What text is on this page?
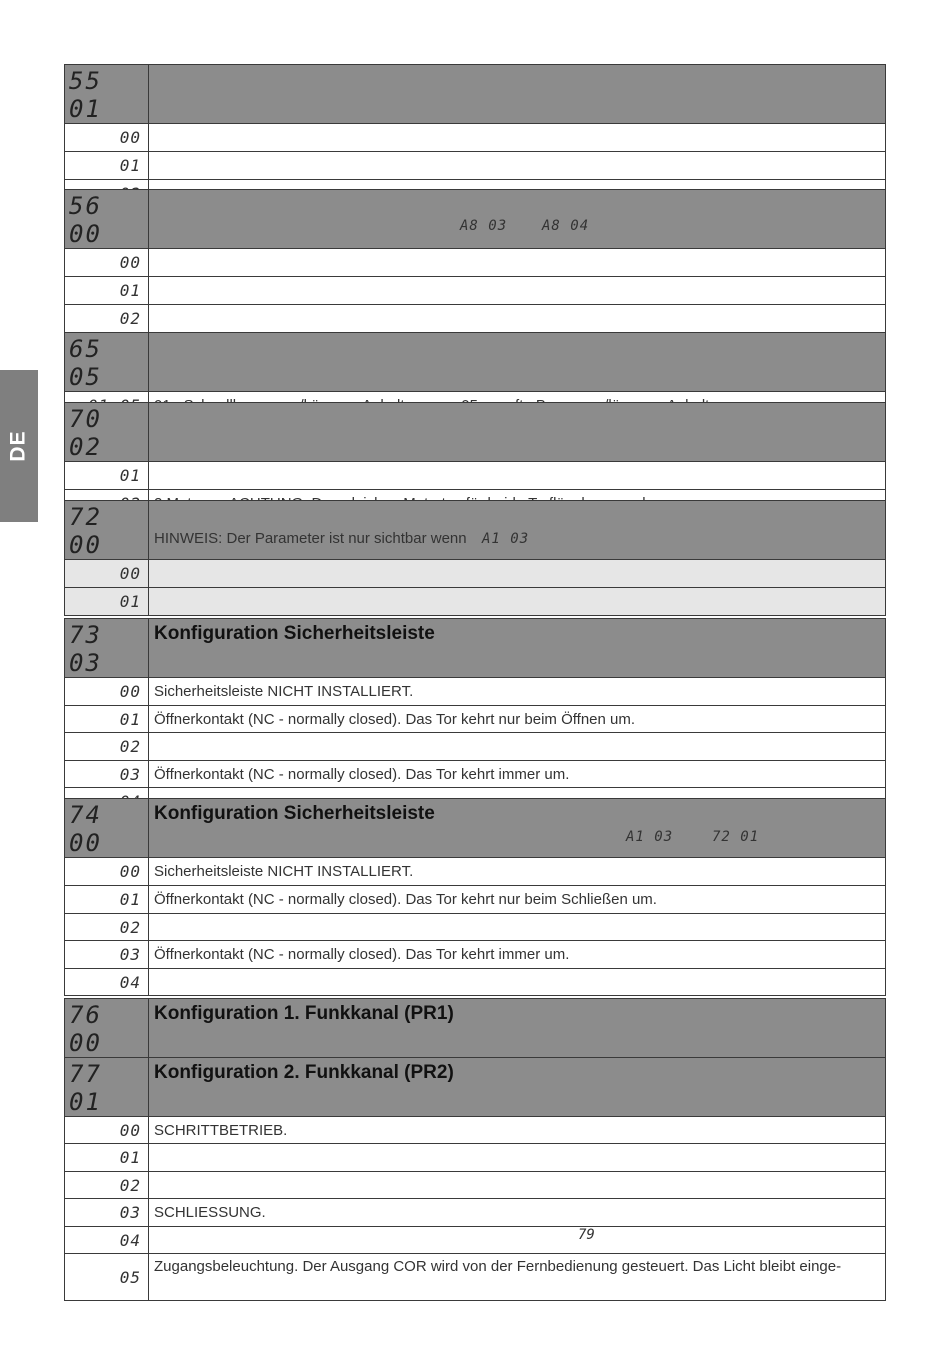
DE
55 01	
00	
01	

56 00	A8 03 A8 04

00	
01	
02	
65 05	

70 02	
01	

72 00	HINWEIS: Der Parameter ist nur sichtbar wenn A1 03

00	
01	
73 03	Konfiguration Sicherheitsleiste

00	Sicherheitsleiste NICHT INSTALLIERT.
01	Öffnerkontakt (NC - normally closed). Das Tor kehrt nur beim Öffnen um.
02	
03	Öffnerkontakt (NC - normally closed). Das Tor kehrt immer um.

74 00	Konfiguration Sicherheitsleiste
A1 03 72 01

00	Sicherheitsleiste NICHT INSTALLIERT.
01	Öffnerkontakt (NC - normally closed). Das Tor kehrt nur beim Schließen um.
02	
03	Öffnerkontakt (NC - normally closed). Das Tor kehrt immer um.
04	
76 00	Konfiguration 1. Funkkanal (PR1)

77 01	Konfiguration 2. Funkkanal (PR2)

00	SCHRITTBETRIEB.
01	
02	
03	SCHLIESSUNG.
04	
05	Zugangsbeleuchtung. Der Ausgang COR wird von der Fernbedienung gesteuert. Das Licht bleibt einge-
79
